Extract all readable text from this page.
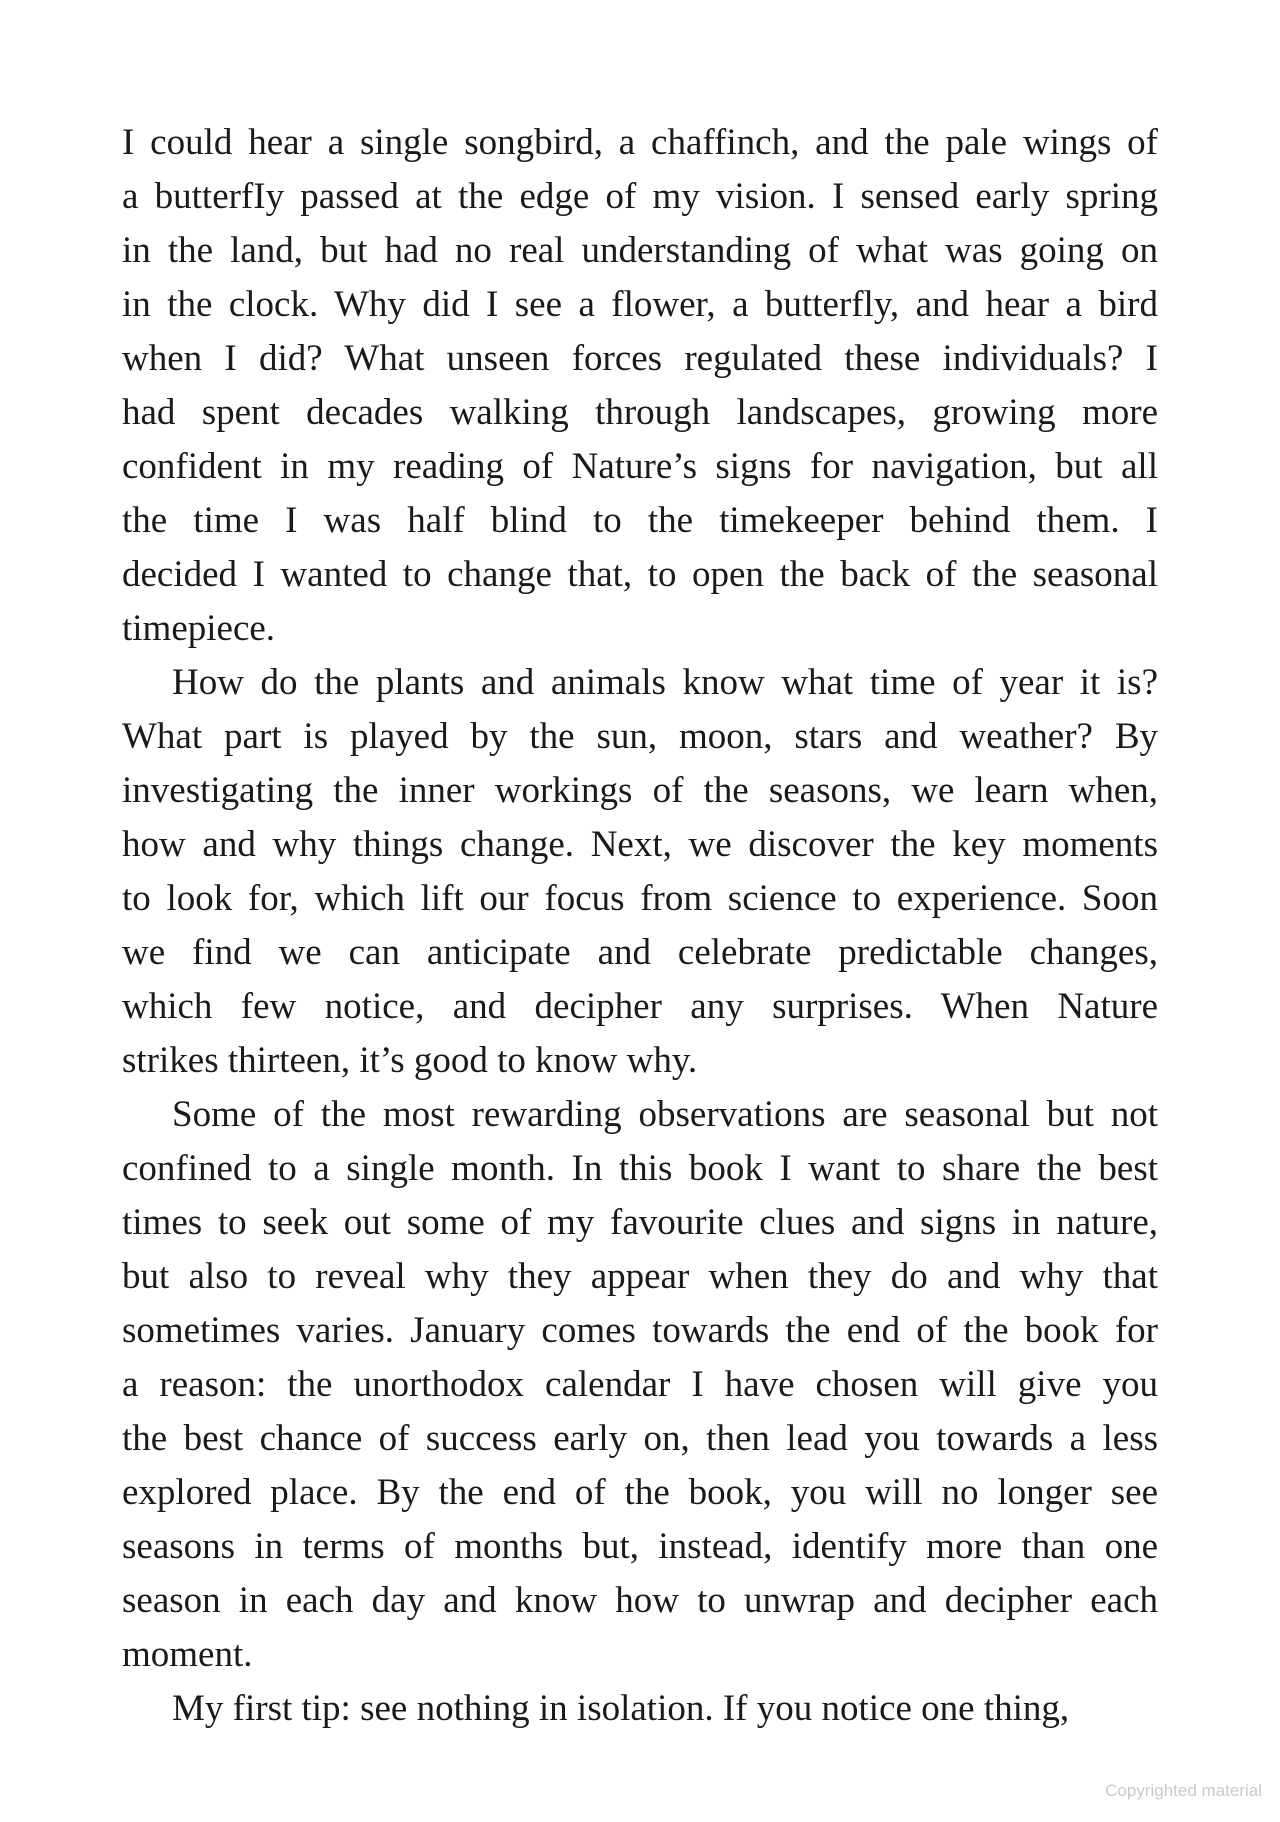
I could hear a single songbird, a chaffinch, and the pale wings of
a butterfIy passed at the edge of my vision. I sensed early spring
in the land, but had no real understanding of what was going on
in the clock. Why did I see a flower, a butterfly, and hear a bird
when I did? What unseen forces regulated these individuals? I
had spent decades walking through landscapes, growing more
confident in my reading of Nature’s signs for navigation, but all
the time I was half blind to the timekeeper behind them. I
decided I wanted to change that, to open the back of the seasonal
timepiece.
How do the plants and animals know what time of year it is?
What part is played by the sun, moon, stars and weather? By
investigating the inner workings of the seasons, we learn when,
how and why things change. Next, we discover the key moments
to look for, which lift our focus from science to experience. Soon
we find we can anticipate and celebrate predictable changes,
which few notice, and decipher any surprises. When Nature
strikes thirteen, it’s good to know why.
Some of the most rewarding observations are seasonal but not
confined to a single month. In this book I want to share the best
times to seek out some of my favourite clues and signs in nature,
but also to reveal why they appear when they do and why that
sometimes varies. January comes towards the end of the book for
a reason: the unorthodox calendar I have chosen will give you
the best chance of success early on, then lead you towards a less
explored place. By the end of the book, you will no longer see
seasons in terms of months but, instead, identify more than one
season in each day and know how to unwrap and decipher each
moment.
My first tip: see nothing in isolation. If you notice one thing,
Copyrighted material
